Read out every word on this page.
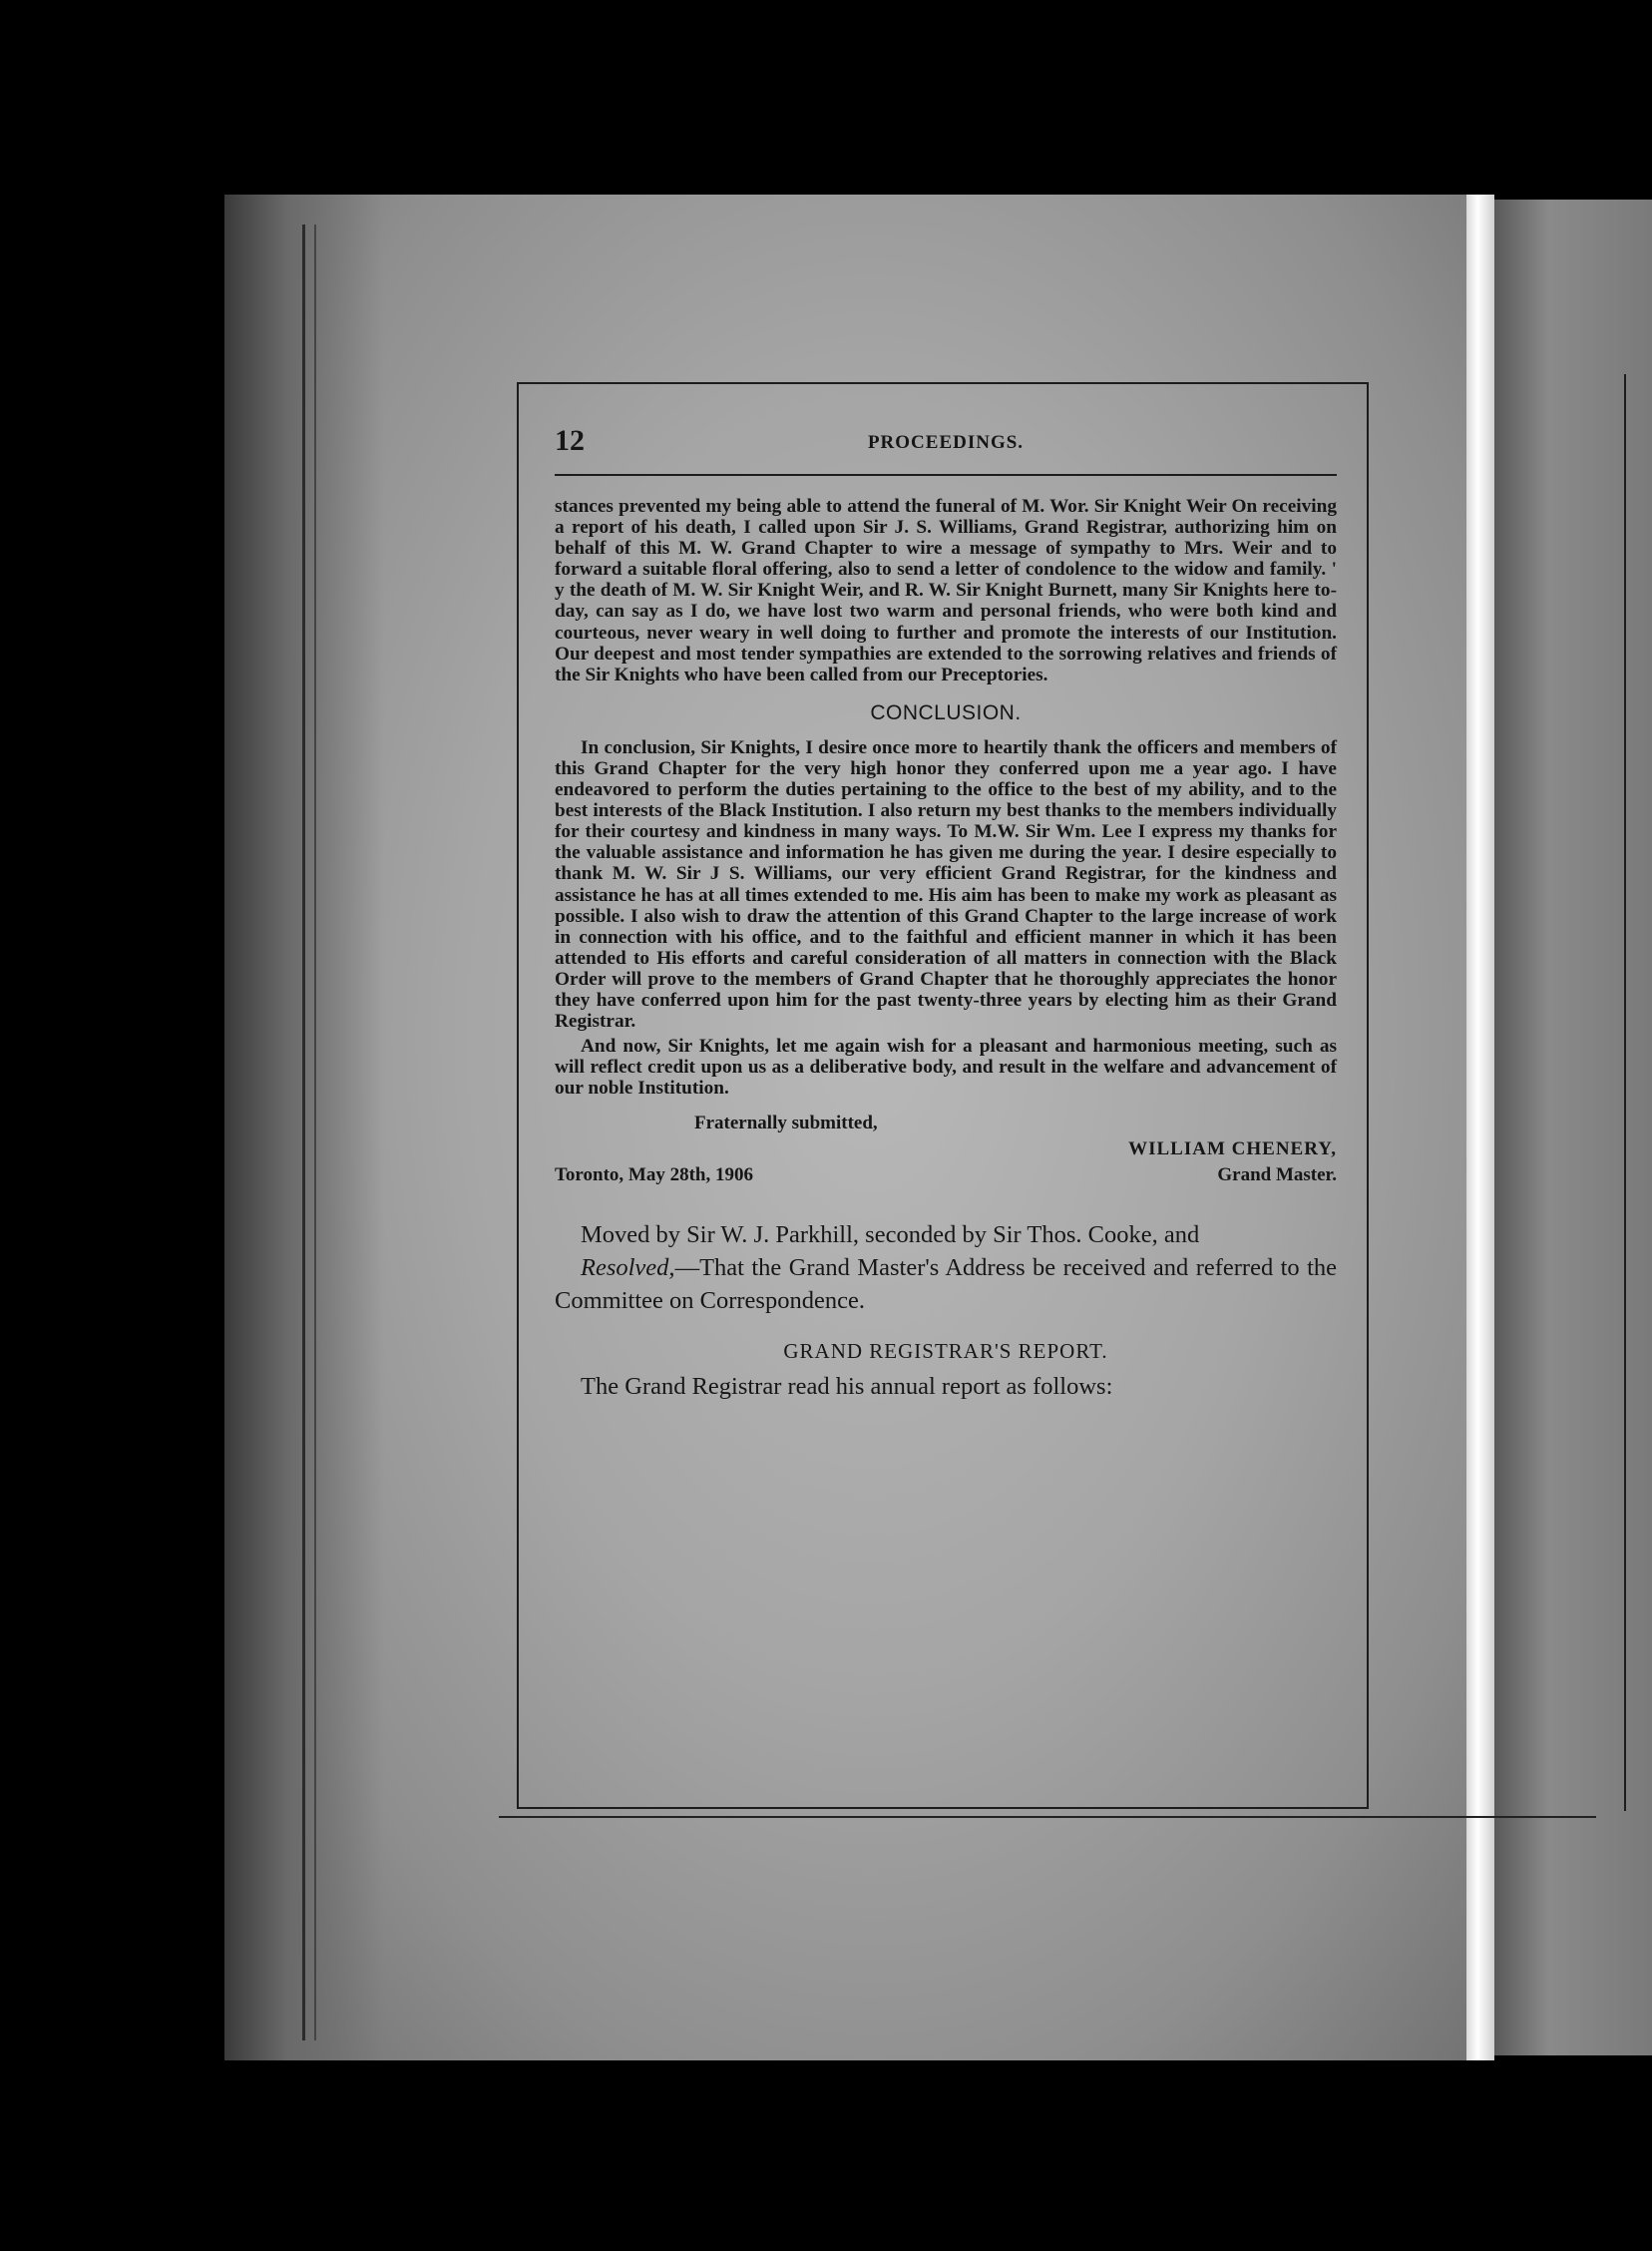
12	PROCEEDINGS.

stances prevented my being able to attend the funeral of M. Wor. Sir Knight Weir On receiving a report of his death, I called upon Sir J. S. Williams, Grand Registrar, authorizing him on behalf of this M. W. Grand Chapter to wire a message of sympathy to Mrs. Weir and to forward a suitable floral offering, also to send a letter of condolence to the widow and family. ' y the death of M. W. Sir Knight Weir, and R. W. Sir Knight Burnett, many Sir Knights here to-day, can say as I do, we have lost two warm and personal friends, who were both kind and courteous, never weary in well doing to further and promote the interests of our Institution. Our deepest and most tender sympathies are extended to the sorrowing relatives and friends of the Sir Knights who have been called from our Preceptories.

CONCLUSION.

In conclusion, Sir Knights, I desire once more to heartily thank the officers and members of this Grand Chapter for the very high honor they conferred upon me a year ago. I have endeavored to perform the duties pertaining to the office to the best of my ability, and to the best interests of the Black Institution. I also return my best thanks to the members individually for their courtesy and kindness in many ways. To M.W. Sir Wm. Lee I express my thanks for the valuable assistance and information he has given me during the year. I desire especially to thank M. W. Sir J S. Williams, our very efficient Grand Registrar, for the kindness and assistance he has at all times extended to me. His aim has been to make my work as pleasant as possible. I also wish to draw the attention of this Grand Chapter to the large increase of work in connection with his office, and to the faithful and efficient manner in which it has been attended to His efforts and careful consideration of all matters in connection with the Black Order will prove to the members of Grand Chapter that he thoroughly appreciates the honor they have conferred upon him for the past twenty-three years by electing him as their Grand Registrar.

And now, Sir Knights, let me again wish for a pleasant and harmonious meeting, such as will reflect credit upon us as a deliberative body, and result in the welfare and advancement of our noble Institution.

Fraternally submitted,
WILLIAM CHENERY,
Toronto, May 28th, 1906	Grand Master.

Moved by Sir W. J. Parkhill, seconded by Sir Thos. Cooke, and

Resolved,—That the Grand Master's Address be received and referred to the Committee on Correspondence.

GRAND REGISTRAR'S REPORT.

The Grand Registrar read his annual report as follows:
